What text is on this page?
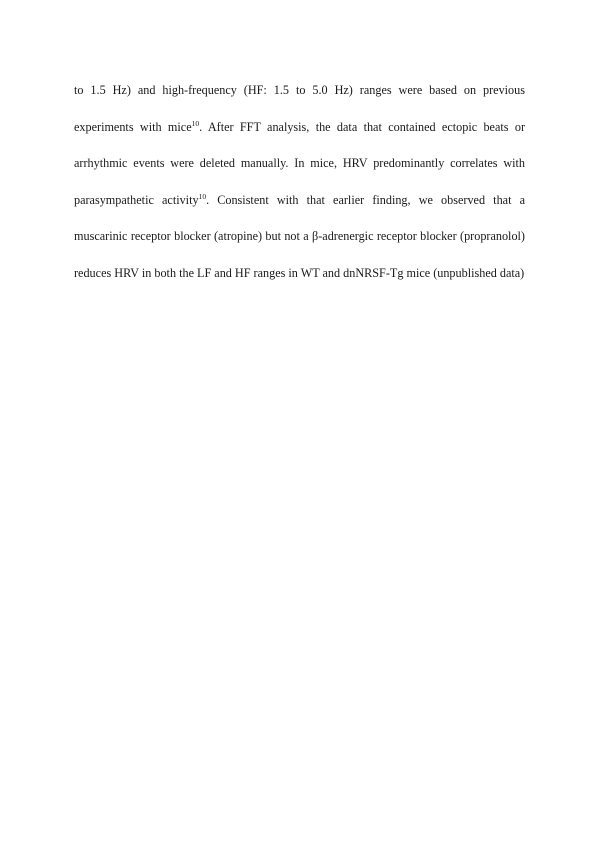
to 1.5 Hz) and high-frequency (HF: 1.5 to 5.0 Hz) ranges were based on previous
experiments with mice$^{10}$. After FFT analysis, the data that contained ectopic beats or
arrhythmic events were deleted manually. In mice, HRV predominantly correlates with
parasympathetic activity$^{10}$. Consistent with that earlier finding, we observed that a
muscarinic receptor blocker (atropine) but not a β-adrenergic receptor blocker (propranolol)
reduces HRV in both the LF and HF ranges in WT and dnNRSF-Tg mice (unpublished data)
